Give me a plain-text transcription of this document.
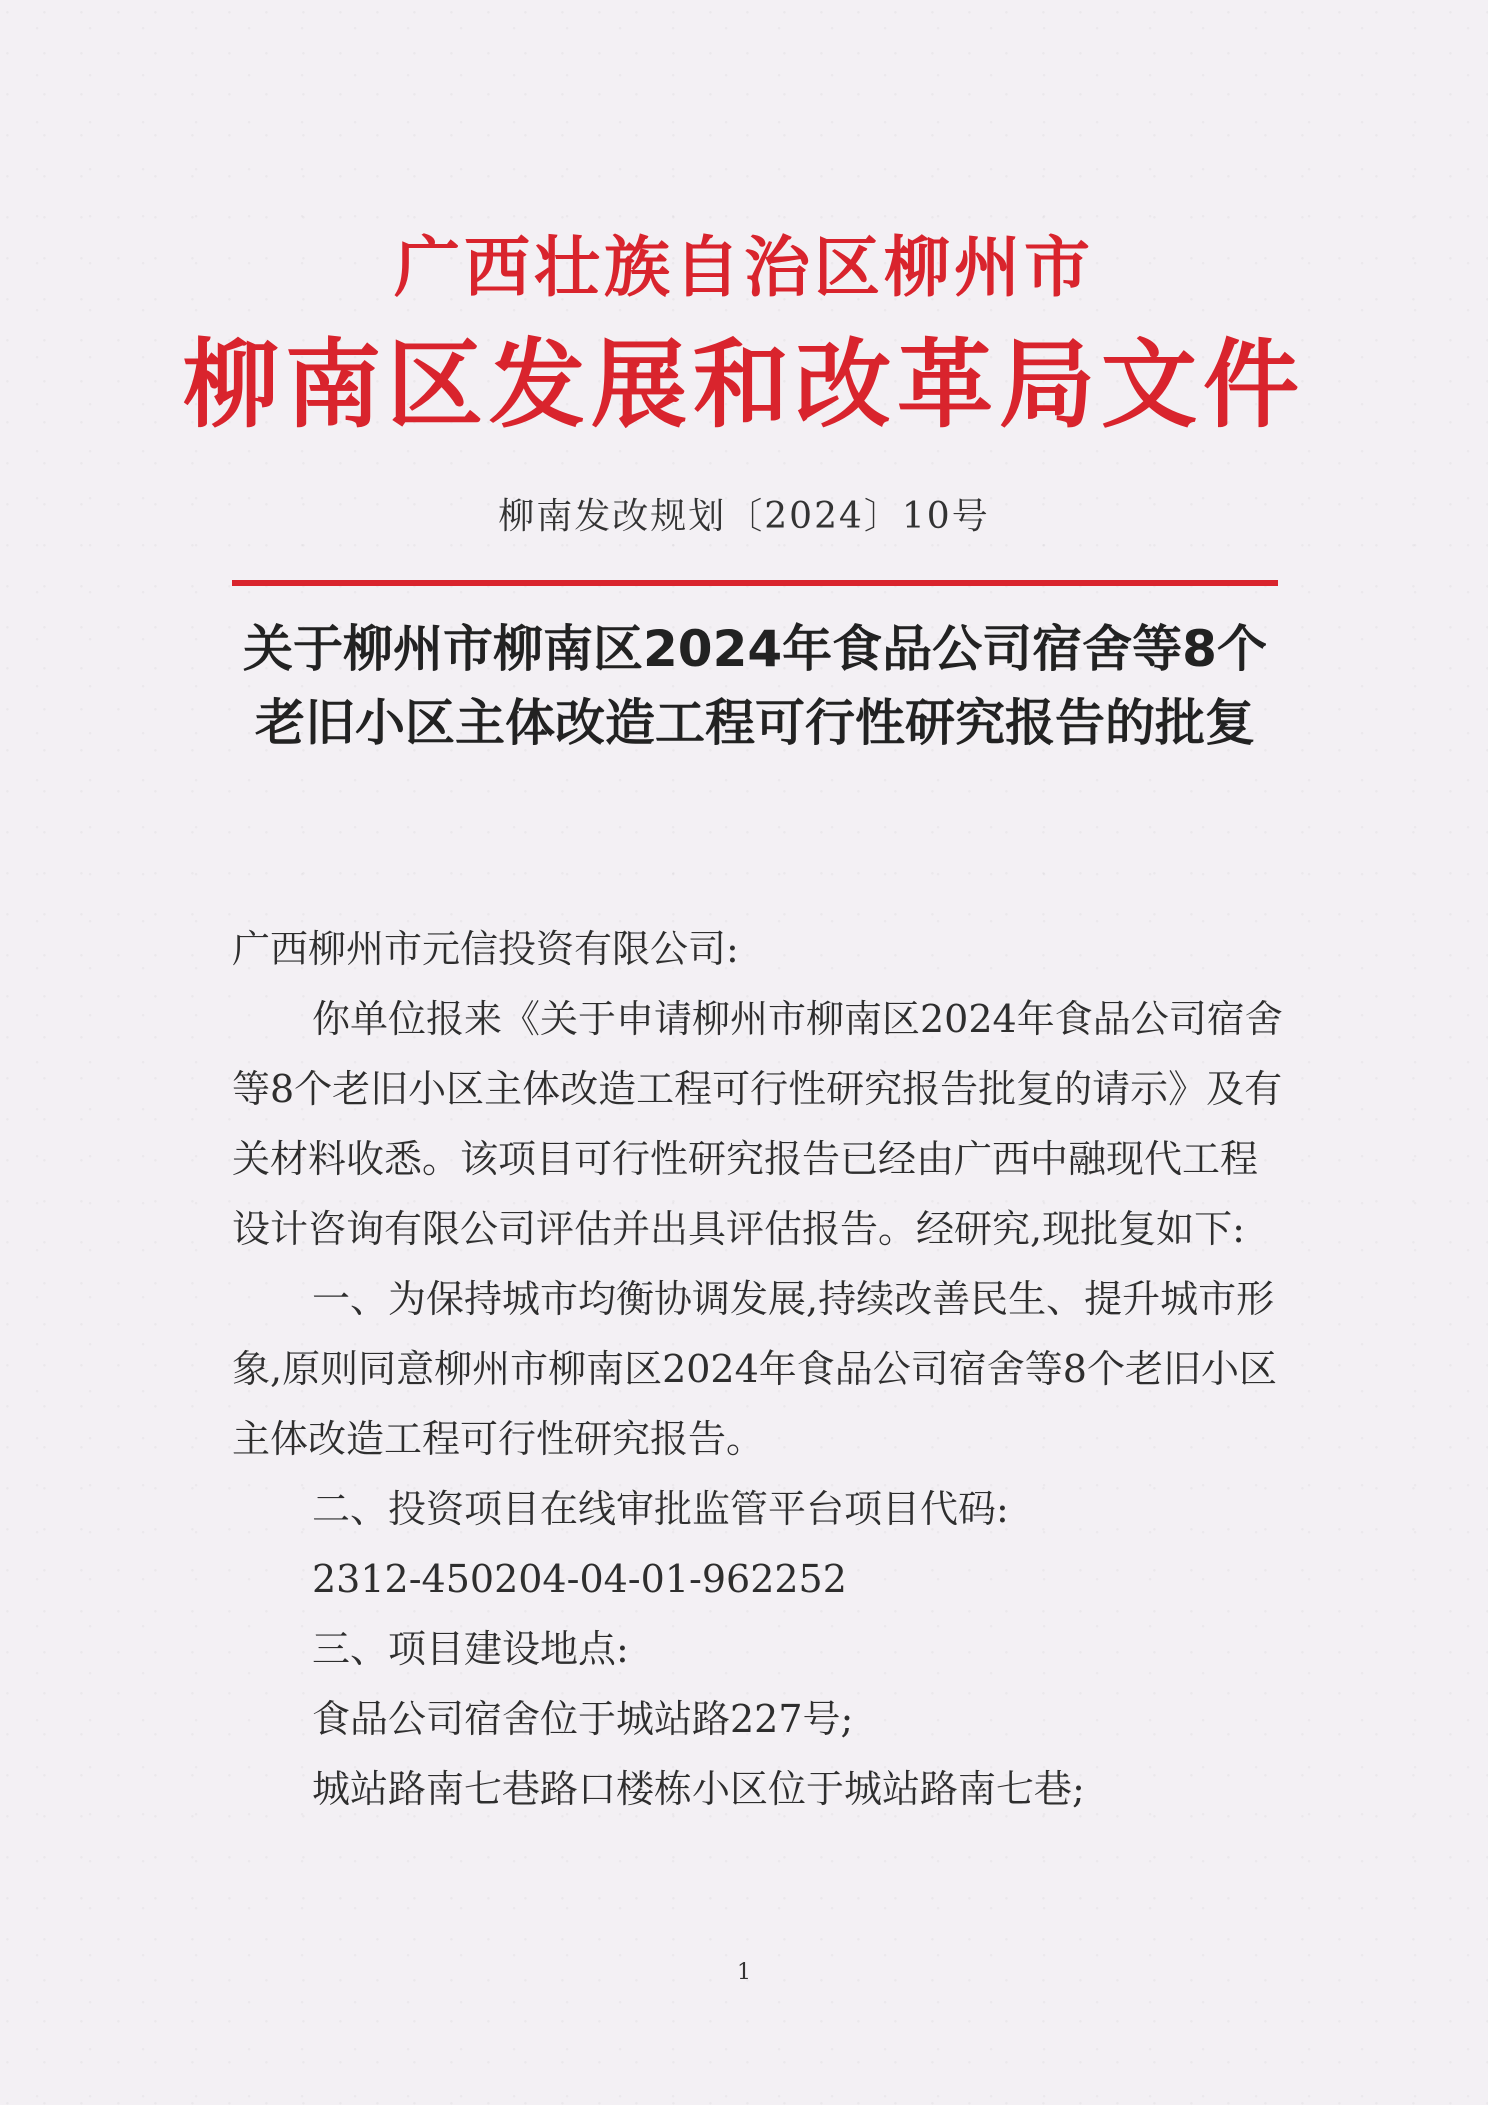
广西壮族自治区柳州市
柳南区发展和改革局文件
柳南发改规划〔2024〕10号
关于柳州市柳南区2024年食品公司宿舍等8个老旧小区主体改造工程可行性研究报告的批复

广西柳州市元信投资有限公司:

你单位报来《关于申请柳州市柳南区2024年食品公司宿舍等8个老旧小区主体改造工程可行性研究报告批复的请示》及有关材料收悉。该项目可行性研究报告已经由广西中融现代工程设计咨询有限公司评估并出具评估报告。经研究,现批复如下:

一、为保持城市均衡协调发展,持续改善民生、提升城市形象,原则同意柳州市柳南区2024年食品公司宿舍等8个老旧小区主体改造工程可行性研究报告。

二、投资项目在线审批监管平台项目代码:

2312-450204-04-01-962252

三、项目建设地点:

食品公司宿舍位于城站路227号;

城站路南七巷路口楼栋小区位于城站路南七巷;

1
